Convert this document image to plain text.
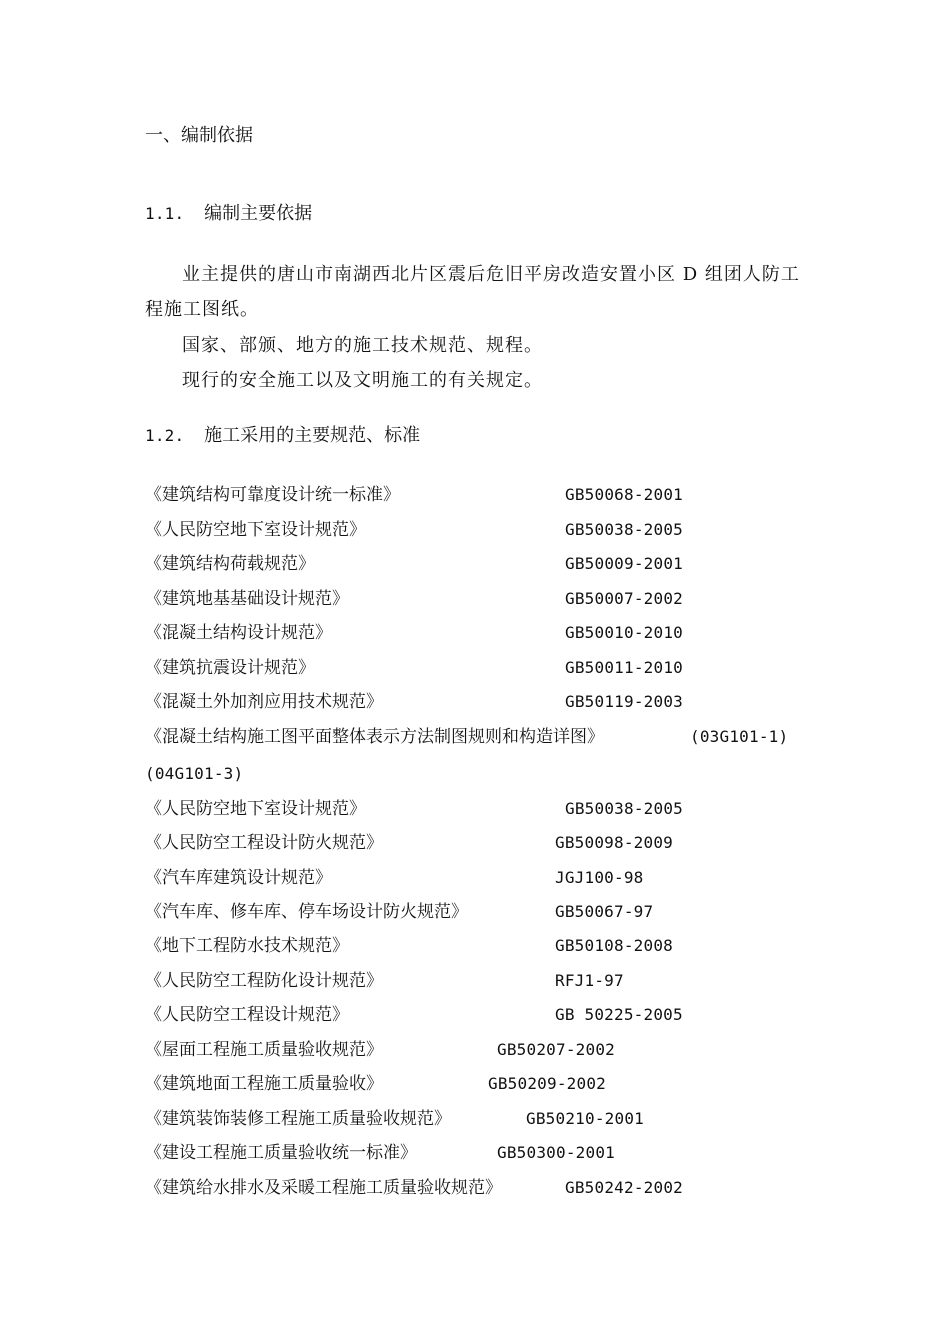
一、编制依据
1.1. 编制主要依据
业主提供的唐山市南湖西北片区震后危旧平房改造安置小区 D 组团人防工
程施工图纸。
国家、部颁、地方的施工技术规范、规程。
现行的安全施工以及文明施工的有关规定。
1.2. 施工采用的主要规范、标准
《建筑结构可靠度设计统一标准》	GB50068-2001
《人民防空地下室设计规范》	GB50038-2005
《建筑结构荷载规范》	GB50009-2001
《建筑地基基础设计规范》	GB50007-2002
《混凝土结构设计规范》	GB50010-2010
《建筑抗震设计规范》	GB50011-2010
《混凝土外加剂应用技术规范》	GB50119-2003
《混凝土结构施工图平面整体表示方法制图规则和构造详图》	(03G101-1)
(04G101-3)
《人民防空地下室设计规范》	GB50038-2005
《人民防空工程设计防火规范》	GB50098-2009
《汽车库建筑设计规范》	JGJ100-98
《汽车库、修车库、停车场设计防火规范》	GB50067-97
《地下工程防水技术规范》	GB50108-2008
《人民防空工程防化设计规范》	RFJ1-97
《人民防空工程设计规范》	GB 50225-2005
《屋面工程施工质量验收规范》	GB50207-2002
《建筑地面工程施工质量验收》	GB50209-2002
《建筑装饰装修工程施工质量验收规范》	GB50210-2001
《建设工程施工质量验收统一标准》	GB50300-2001
《建筑给水排水及采暖工程施工质量验收规范》	GB50242-2002
